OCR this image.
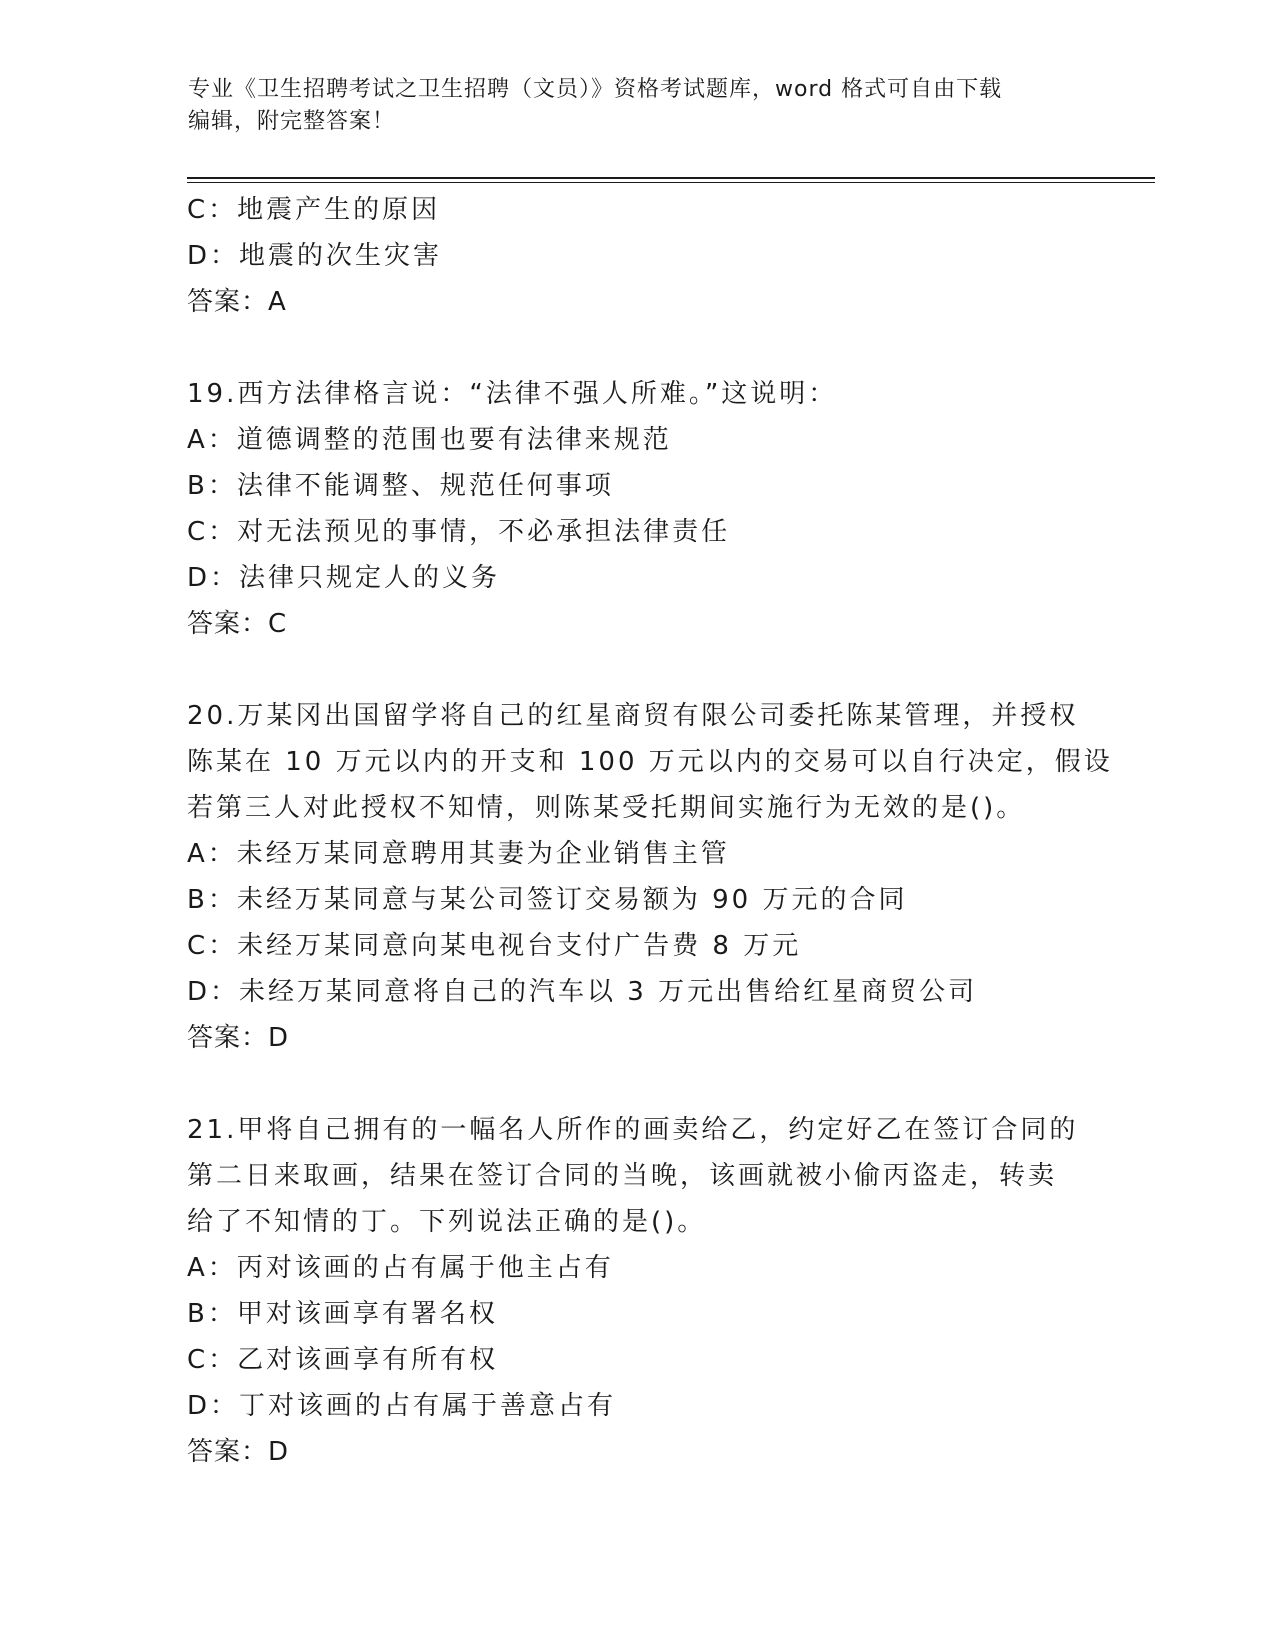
专业《卫生招聘考试之卫生招聘（文员）》资格考试题库，word 格式可自由下载
编辑，附完整答案！
C：地震产生的原因
D：地震的次生灾害
答案：A
19.西方法律格言说：“法律不强人所难。”这说明：
A：道德调整的范围也要有法律来规范
B：法律不能调整、规范任何事项
C：对无法预见的事情，不必承担法律责任
D：法律只规定人的义务
答案：C
20.万某冈出国留学将自己的红星商贸有限公司委托陈某管理，并授权
陈某在 10 万元以内的开支和 100 万元以内的交易可以自行决定，假设
若第三人对此授权不知情，则陈某受托期间实施行为无效的是()。
A：未经万某同意聘用其妻为企业销售主管
B：未经万某同意与某公司签订交易额为 90 万元的合同
C：未经万某同意向某电视台支付广告费 8 万元
D：未经万某同意将自己的汽车以 3 万元出售给红星商贸公司
答案：D
21.甲将自己拥有的一幅名人所作的画卖给乙，约定好乙在签订合同的
第二日来取画，结果在签订合同的当晚，该画就被小偷丙盗走，转卖
给了不知情的丁。下列说法正确的是()。
A：丙对该画的占有属于他主占有
B：甲对该画享有署名权
C：乙对该画享有所有权
D：丁对该画的占有属于善意占有
答案：D
